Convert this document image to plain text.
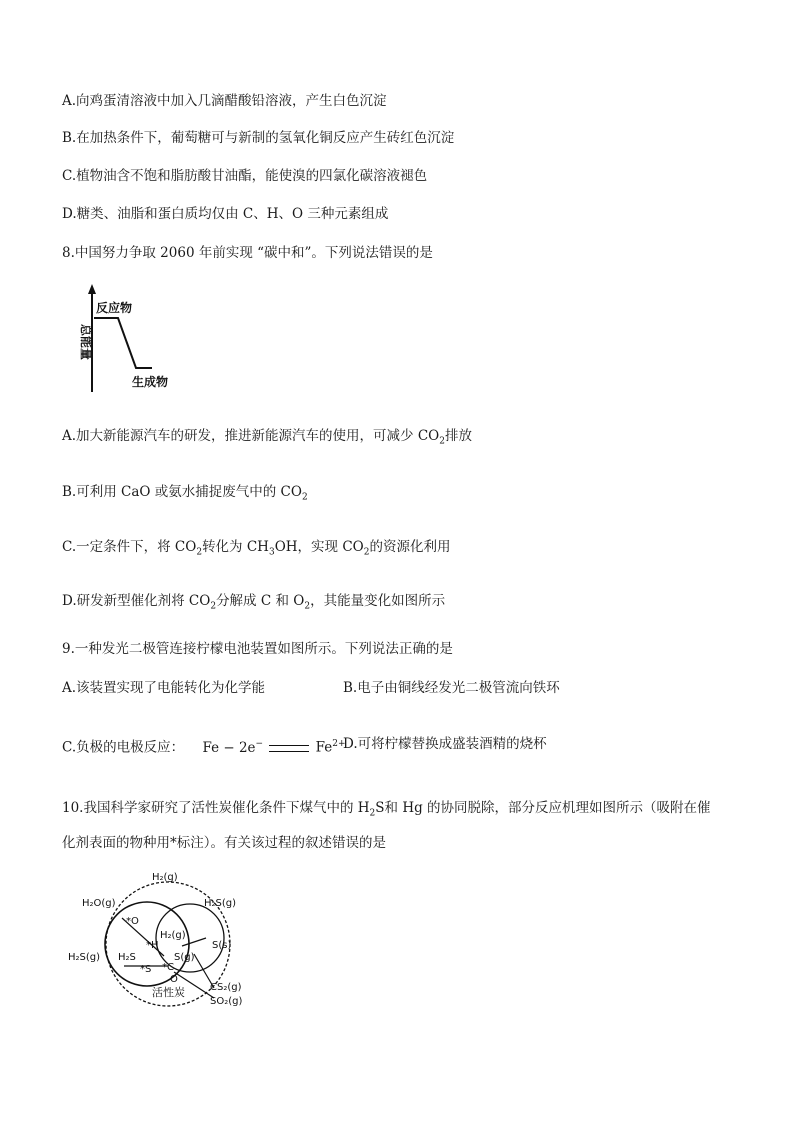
A.向鸡蛋清溶液中加入几滴醋酸铅溶液，产生白色沉淀
B.在加热条件下，葡萄糖可与新制的氢氧化铜反应产生砖红色沉淀
C.植物油含不饱和脂肪酸甘油酯，能使溴的四氯化碳溶液褪色
D.糖类、油脂和蛋白质均仅由 C、H、O 三种元素组成
8.中国努力争取 2060 年前实现 “碳中和”。下列说法错误的是
总能量
反应物
生成物
A.加大新能源汽车的研发，推进新能源汽车的使用，可减少 $CO_2$排放
B.可利用 CaO 或氨水捕捉废气中的 $CO_2$
C.一定条件下，将 $CO_2$转化为 $CH_3OH$，实现 $CO_2$的资源化利用
D.研发新型催化剂将 $CO_2$分解成 C 和 $O_2$，其能量变化如图所示
9.一种发光二极管连接柠檬电池装置如图所示。下列说法正确的是
A.该装置实现了电能转化为化学能	B.电子由铜线经发光二极管流向铁环
C.负极的电极反应： Fe − 2e−	$Fe^{2+}$
D.可将柠檬替换成盛装酒精的烧杯
10.我国科学家研究了活性炭催化条件下煤气中的 $H_2S$和 Hg 的协同脱除，部分反应机理如图所示（吸附在催
化剂表面的物种用*标注）。有关该过程的叙述错误的是
H₂(g)
H₂O(g)	H₂S(g)
*O
H₂(g)
*H
H₂S	S(g)
S(s)
H₂S(g)
*S *C
O
CS₂(g)
SO₂(g)
活性炭
